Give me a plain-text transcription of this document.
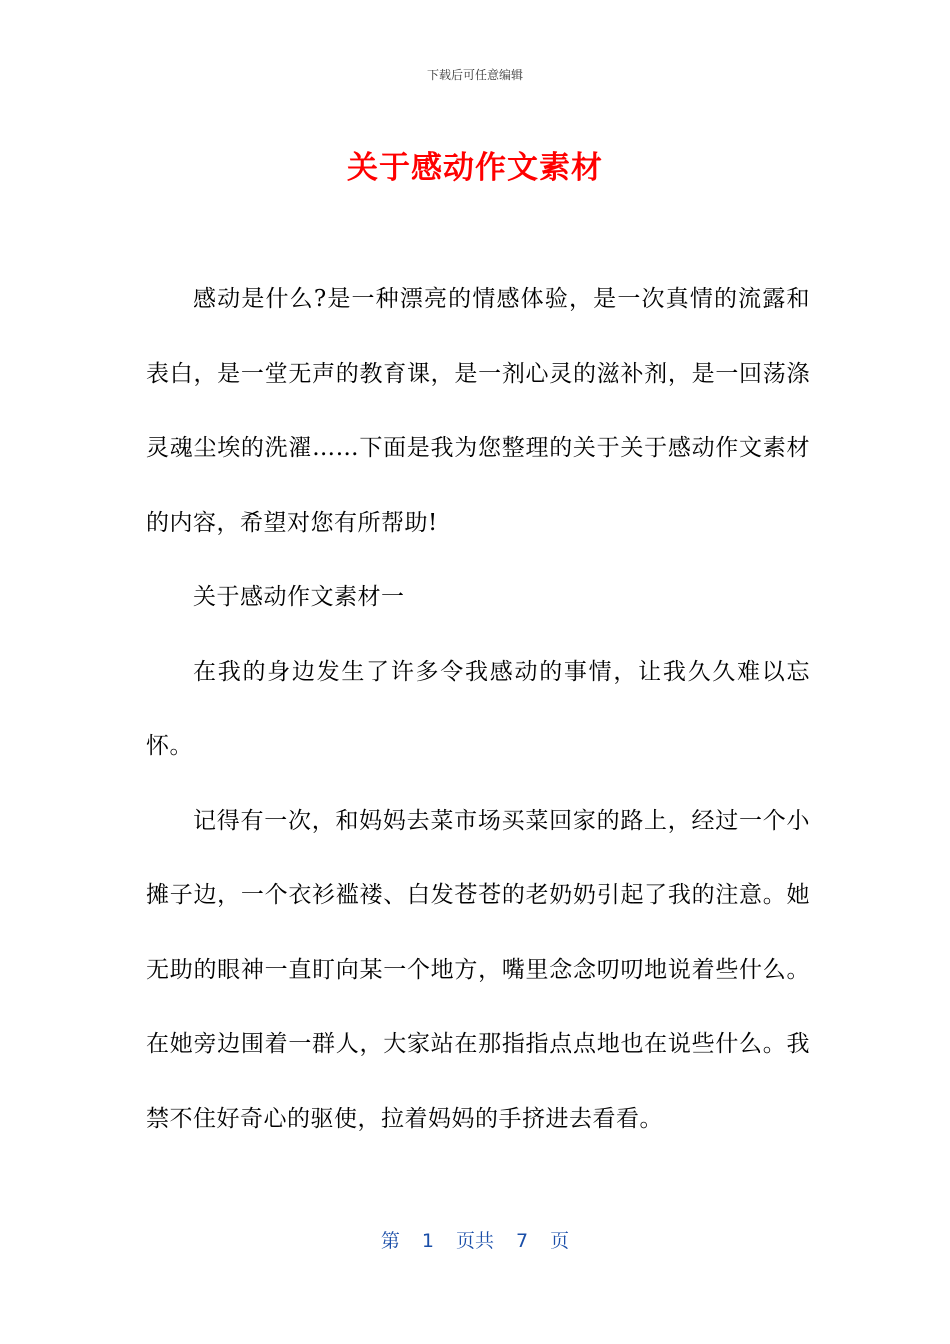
下载后可任意编辑
关于感动作文素材

感动是什么?是一种漂亮的情感体验，是一次真情的流露和表白，是一堂无声的教育课，是一剂心灵的滋补剂，是一回荡涤灵魂尘埃的洗濯……下面是我为您整理的关于关于感动作文素材的内容，希望对您有所帮助!

关于感动作文素材一

在我的身边发生了许多令我感动的事情，让我久久难以忘怀。

记得有一次，和妈妈去菜市场买菜回家的路上，经过一个小摊子边，一个衣衫褴褛、白发苍苍的老奶奶引起了我的注意。她无助的眼神一直盯向某一个地方，嘴里念念叨叨地说着些什么。在她旁边围着一群人，大家站在那指指点点地也在说些什么。我禁不住好奇心的驱使，拉着妈妈的手挤进去看看。

第 1 页共 7 页
